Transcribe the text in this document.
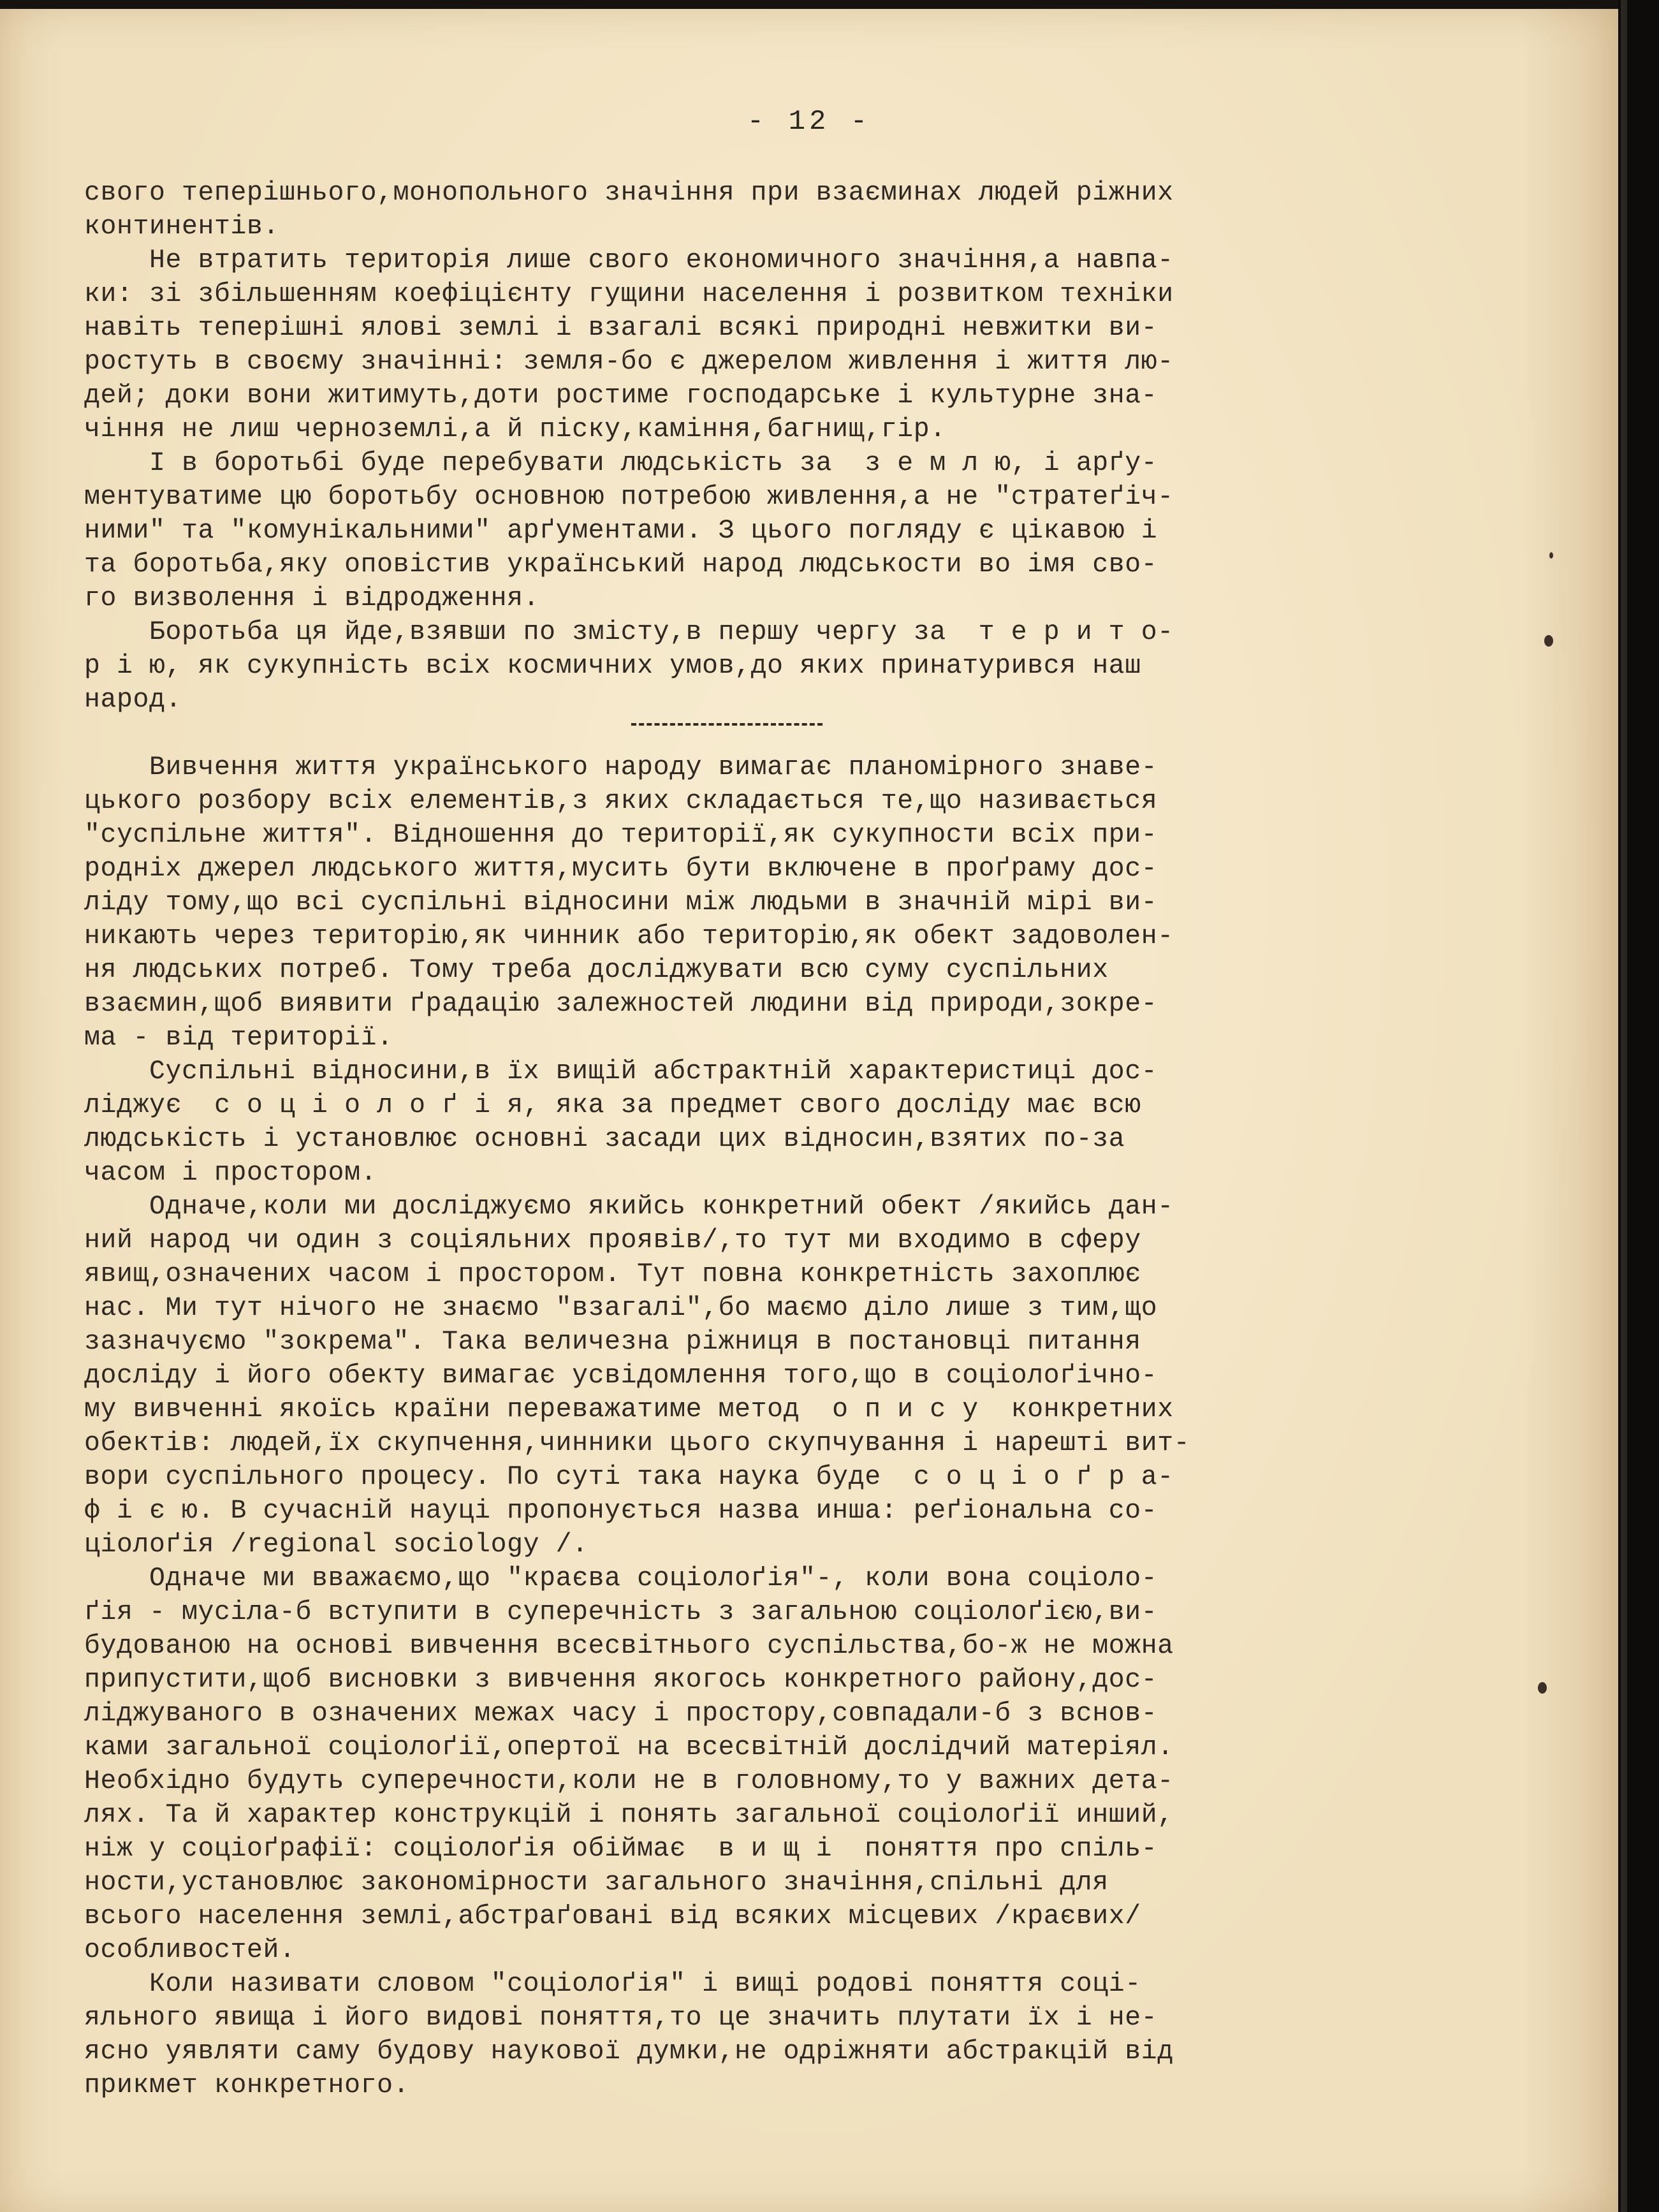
- 12 -
свого теперішнього,монопольного значіння при взаєминах людей ріжних
континентів.
Не втратить територія лише свого економичного значіння,а навпа-
ки: зі збільшенням коефіцієнту гущини населення і розвитком техніки
навіть теперішні ялові землі і взагалі всякі природні невжитки ви-
ростуть в своєму значінні: земля-бо є джерелом живлення і життя лю-
дей; доки вони житимуть,доти ростиме господарське і культурне зна-
чіння не лиш черноземлі,а й піску,каміння,багнищ,гір.
І в боротьбі буде перебувати людськість за  з е м л ю, і арґу-
ментуватиме цю боротьбу основною потребою живлення,а не "стратеґіч-
ними" та "комунікальними" арґументами. З цього погляду є цікавою і
та боротьба,яку оповістив український народ людськости во імя сво-
го визволення і відродження.
Боротьба ця йде,взявши по змісту,в першу чергу за  т е р и т о-
р і ю, як сукупність всіх космичних умов,до яких принатурився наш
народ.
Вивчення життя українського народу вимагає планомірного знаве-
цького розбору всіх елементів,з яких складається те,що називається
"суспільне життя". Відношення до території,як сукупности всіх при-
родніх джерел людського життя,мусить бути включене в проґраму дос-
ліду тому,що всі суспільні відносини між людьми в значній мірі ви-
никають через територію,як чинник або територію,як обект задоволен-
ня людських потреб. Тому треба досліджувати всю суму суспільних
взаємин,щоб виявити ґрадацію залежностей людини від природи,зокре-
ма - від території.
Суспільні відносини,в їх вищій абстрактній характеристиці дос-
ліджує  с о ц і о л о ґ і я, яка за предмет свого досліду має всю
людськість і установлює основні засади цих відносин,взятих по-за
часом і простором.
Одначе,коли ми досліджуємо якийсь конкретний обект /якийсь дан-
ний народ чи один з соціяльних проявів/,то тут ми входимо в сферу
явищ,означених часом і простором. Тут повна конкретність захоплює
нас. Ми тут нічого не знаємо "взагалі",бо маємо діло лише з тим,що
зазначуємо "зокрема". Така величезна ріжниця в постановці питання
досліду і його обекту вимагає усвідомлення того,що в соціолоґічно-
му вивченні якоїсь країни переважатиме метод  о п и с у  конкретних
обектів: людей,їх скупчення,чинники цього скупчування і нарешті вит-
вори суспільного процесу. По суті така наука буде  с о ц і о ґ р а-
ф і є ю. В сучасній науці пропонується назва инша: реґіональна со-
ціолоґія /regional sociology /.
Одначе ми вважаємо,що "краєва соціолоґія"-, коли вона соціоло-
ґія - мусіла-б вступити в суперечність з загальною соціолоґією,ви-
будованою на основі вивчення всесвітнього суспільства,бо-ж не можна
припустити,щоб висновки з вивчення якогось конкретного району,дос-
ліджуваного в означених межах часу і простору,совпадали-б з вснов-
ками загальної соціолоґії,опертої на всесвітній дослідчий матеріял.
Необхідно будуть суперечности,коли не в головному,то у важних дета-
лях. Та й характер конструкцій і понять загальної соціолоґії инший,
ніж у соціоґрафії: соціолоґія обіймає  в и щ і  поняття про спіль-
ности,установлює закономірности загального значіння,спільні для
всього населення землі,абстраґовані від всяких місцевих /краєвих/
особливостей.
Коли називати словом "соціолоґія" і вищі родові поняття соці-
яльного явища і його видові поняття,то це значить плутати їх і не-
ясно уявляти саму будову наукової думки,не одріжняти абстракцій від
прикмет конкретного.
